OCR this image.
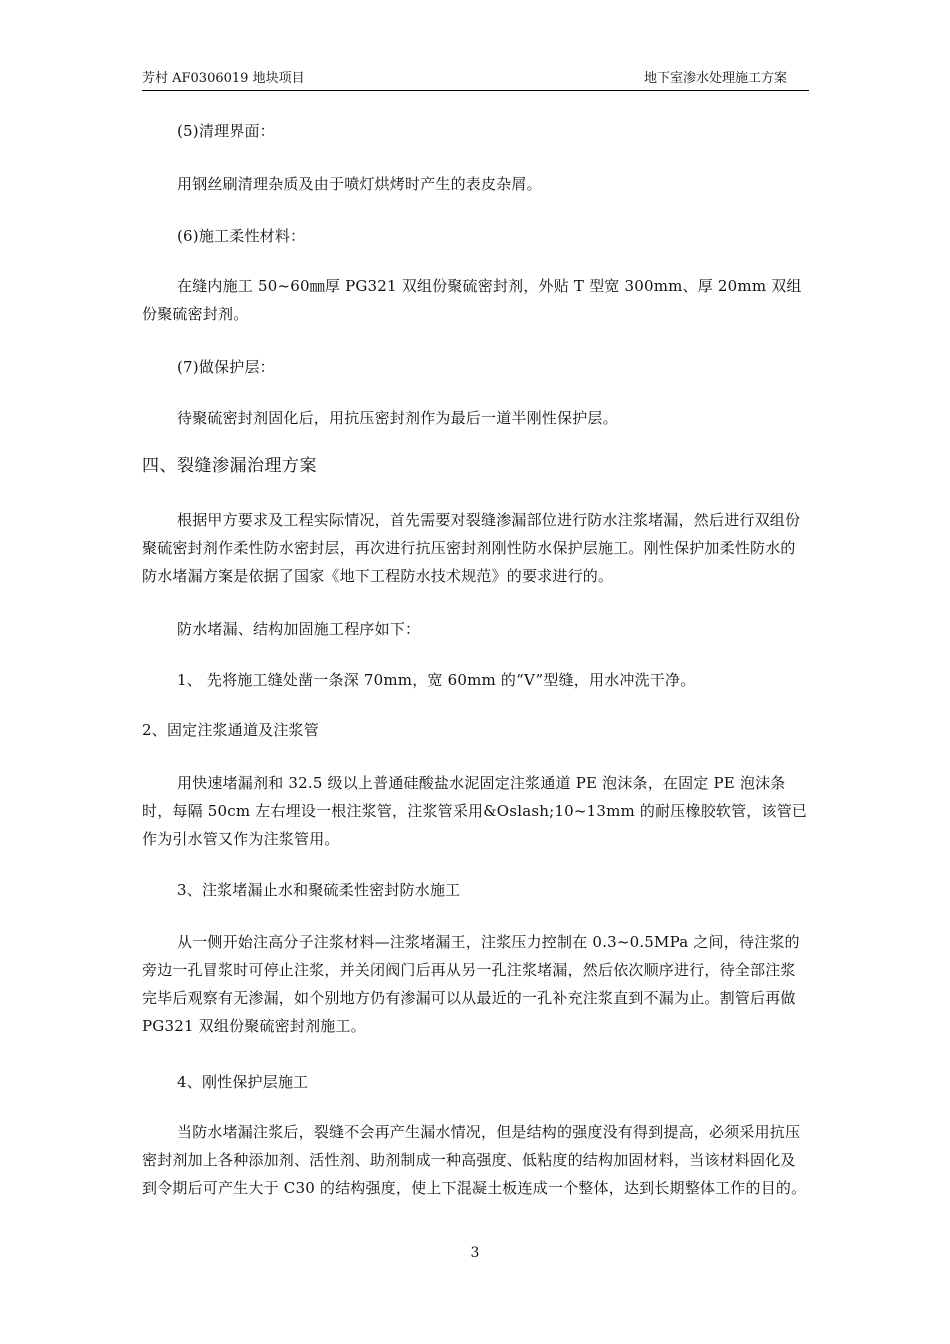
芳村 AF0306019 地块项目	地下室渗水处理施工方案

(5)清理界面：

用钢丝刷清理杂质及由于喷灯烘烤时产生的表皮杂屑。

(6)施工柔性材料：

在缝内施工 50~60㎜厚 PG321 双组份聚硫密封剂，外贴 T 型宽 300mm、厚 20mm 双组份聚硫密封剂。

(7)做保护层：

待聚硫密封剂固化后，用抗压密封剂作为最后一道半刚性保护层。

四、裂缝渗漏治理方案

根据甲方要求及工程实际情况，首先需要对裂缝渗漏部位进行防水注浆堵漏，然后进行双组份聚硫密封剂作柔性防水密封层，再次进行抗压密封剂刚性防水保护层施工。刚性保护加柔性防水的防水堵漏方案是依据了国家《地下工程防水技术规范》的要求进行的。

防水堵漏、结构加固施工程序如下：

1、 先将施工缝处凿一条深 70mm，宽 60mm 的“V”型缝，用水冲洗干净。

2、固定注浆通道及注浆管

用快速堵漏剂和 32.5 级以上普通硅酸盐水泥固定注浆通道 PE 泡沫条，在固定 PE 泡沫条时，每隔 50cm 左右埋设一根注浆管，注浆管采用&Oslash;10~13mm 的耐压橡胶软管，该管已作为引水管又作为注浆管用。

3、注浆堵漏止水和聚硫柔性密封防水施工

从一侧开始注高分子注浆材料—注浆堵漏王，注浆压力控制在 0.3~0.5MPa 之间，待注浆的旁边一孔冒浆时可停止注浆，并关闭阀门后再从另一孔注浆堵漏，然后依次顺序进行，待全部注浆完毕后观察有无渗漏，如个别地方仍有渗漏可以从最近的一孔补充注浆直到不漏为止。割管后再做 PG321 双组份聚硫密封剂施工。

4、刚性保护层施工

当防水堵漏注浆后，裂缝不会再产生漏水情况，但是结构的强度没有得到提高，必须采用抗压密封剂加上各种添加剂、活性剂、助剂制成一种高强度、低粘度的结构加固材料，当该材料固化及到令期后可产生大于 C30 的结构强度，使上下混凝土板连成一个整体，达到长期整体工作的目的。

3
